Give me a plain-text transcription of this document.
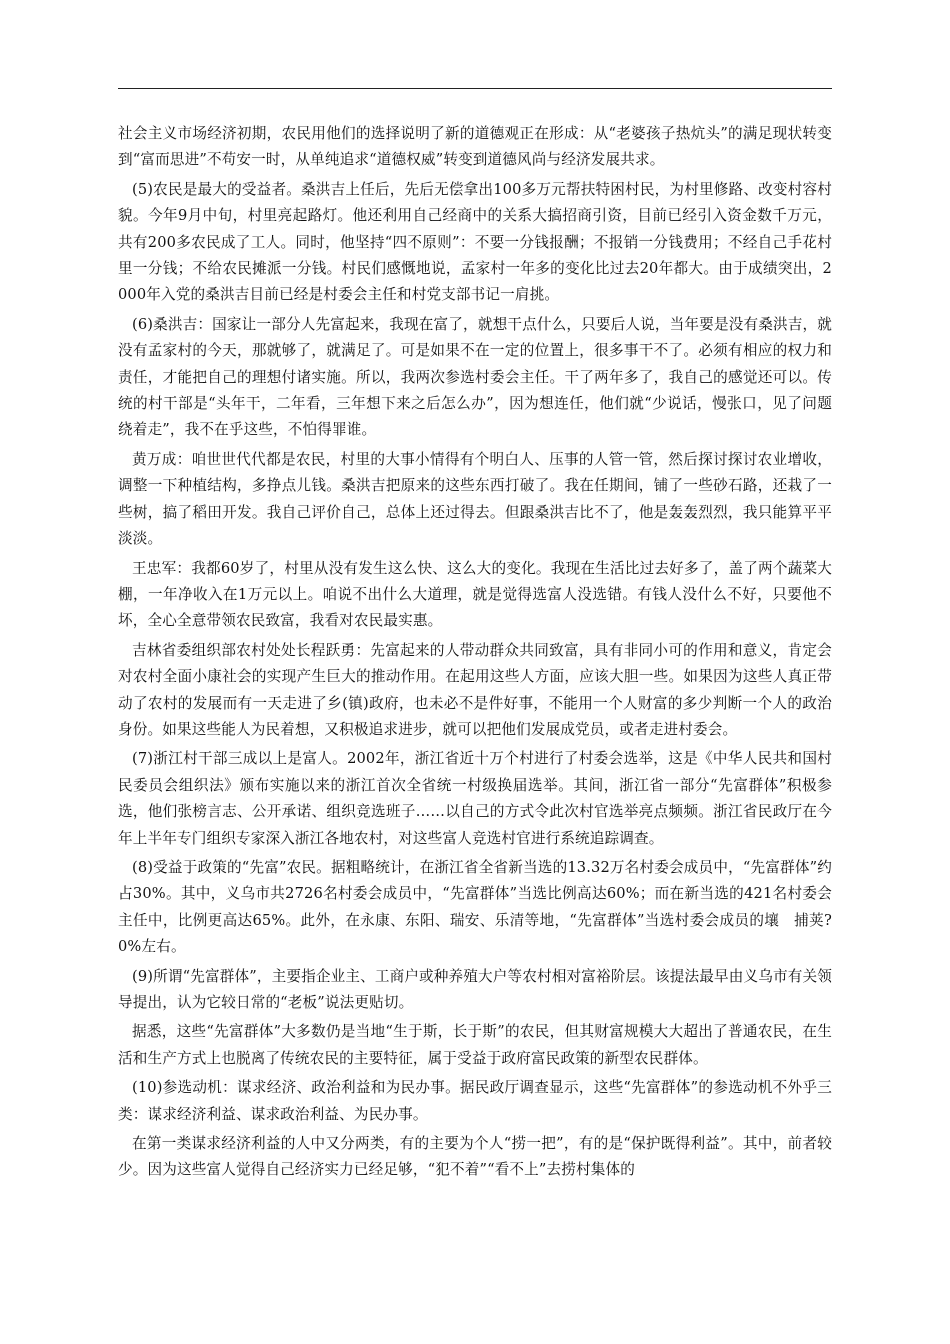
社会主义市场经济初期，农民用他们的选择说明了新的道德观正在形成：从“老婆孩子热炕头”的满足现状转变到“富而思进”不苟安一时，从单纯追求“道德权威”转变到道德风尚与经济发展共求。

(5)农民是最大的受益者。桑洪吉上任后，先后无偿拿出100多万元帮扶特困村民，为村里修路、改变村容村貌。今年9月中旬，村里亮起路灯。他还利用自己经商中的关系大搞招商引资，目前已经引入资金数千万元，共有200多农民成了工人。同时，他坚持“四不原则”：不要一分钱报酬；不报销一分钱费用；不经自己手花村里一分钱；不给农民摊派一分钱。村民们感慨地说，孟家村一年多的变化比过去20年都大。由于成绩突出，2000年入党的桑洪吉目前已经是村委会主任和村党支部书记一肩挑。

(6)桑洪吉：国家让一部分人先富起来，我现在富了，就想干点什么，只要后人说，当年要是没有桑洪吉，就没有孟家村的今天，那就够了，就满足了。可是如果不在一定的位置上，很多事干不了。必须有相应的权力和责任，才能把自己的理想付诸实施。所以，我两次参选村委会主任。干了两年多了，我自己的感觉还可以。传统的村干部是“头年干，二年看，三年想下来之后怎么办”，因为想连任，他们就“少说话，慢张口，见了问题绕着走”，我不在乎这些，不怕得罪谁。

黄万成：咱世世代代都是农民，村里的大事小情得有个明白人、压事的人管一管，然后探讨探讨农业增收，调整一下种植结构，多挣点儿钱。桑洪吉把原来的这些东西打破了。我在任期间，铺了一些砂石路，还栽了一些树，搞了稻田开发。我自己评价自己，总体上还过得去。但跟桑洪吉比不了，他是轰轰烈烈，我只能算平平淡淡。

王忠军：我都60岁了，村里从没有发生这么快、这么大的变化。我现在生活比过去好多了，盖了两个蔬菜大棚，一年净收入在1万元以上。咱说不出什么大道理，就是觉得选富人没选错。有钱人没什么不好，只要他不坏，全心全意带领农民致富，我看对农民最实惠。

吉林省委组织部农村处处长程跃勇：先富起来的人带动群众共同致富，具有非同小可的作用和意义，肯定会对农村全面小康社会的实现产生巨大的推动作用。在起用这些人方面，应该大胆一些。如果因为这些人真正带动了农村的发展而有一天走进了乡(镇)政府，也未必不是件好事，不能用一个人财富的多少判断一个人的政治身份。如果这些能人为民着想，又积极追求进步，就可以把他们发展成党员，或者走进村委会。

(7)浙江村干部三成以上是富人。2002年，浙江省近十万个村进行了村委会选举，这是《中华人民共和国村民委员会组织法》颁布实施以来的浙江首次全省统一村级换届选举。其间，浙江省一部分“先富群体”积极参选，他们张榜言志、公开承诺、组织竞选班子……以自己的方式令此次村官选举亮点频频。浙江省民政厅在今年上半年专门组织专家深入浙江各地农村，对这些富人竞选村官进行系统追踪调查。

(8)受益于政策的“先富”农民。据粗略统计，在浙江省全省新当选的13.32万名村委会成员中，“先富群体”约占30%。其中，义乌市共2726名村委会成员中，“先富群体”当选比例高达60%；而在新当选的421名村委会主任中，比例更高达65%。此外，在永康、东阳、瑞安、乐清等地，“先富群体”当选村委会成员的壤　捕荚?0%左右。

(9)所谓“先富群体”，主要指企业主、工商户或种养殖大户等农村相对富裕阶层。该提法最早由义乌市有关领导提出，认为它较日常的“老板”说法更贴切。

据悉，这些“先富群体”大多数仍是当地“生于斯，长于斯”的农民，但其财富规模大大超出了普通农民，在生活和生产方式上也脱离了传统农民的主要特征，属于受益于政府富民政策的新型农民群体。

(10)参选动机：谋求经济、政治利益和为民办事。据民政厅调查显示，这些“先富群体”的参选动机不外乎三类：谋求经济利益、谋求政治利益、为民办事。

在第一类谋求经济利益的人中又分两类，有的主要为个人“捞一把”，有的是“保护既得利益”。其中，前者较少。因为这些富人觉得自己经济实力已经足够，“犯不着”“看不上”去捞村集体的
